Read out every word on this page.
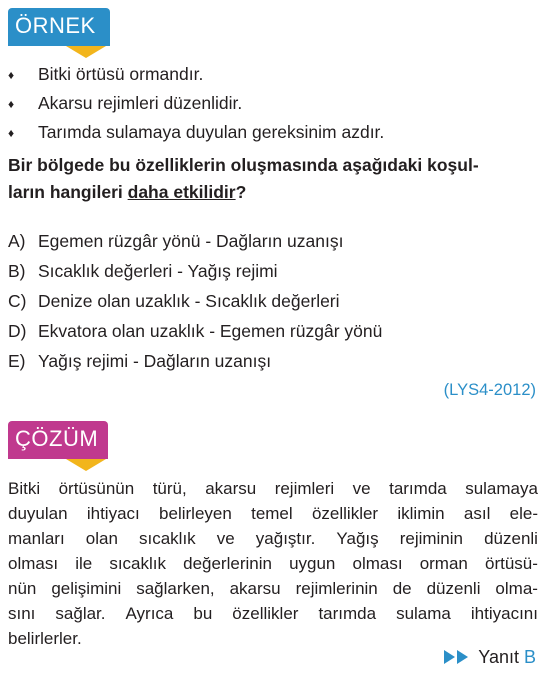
ÖRNEK
♦ Bitki örtüsü ormandır.
♦ Akarsu rejimleri düzenlidir.
♦ Tarımda sulamaya duyulan gereksinim azdır.
Bir bölgede bu özelliklerin oluşmasında aşağıdaki koşul-
ların hangileri daha etkilidir?
A) Egemen rüzgâr yönü - Dağların uzanışı
B) Sıcaklık değerleri - Yağış rejimi
C) Denize olan uzaklık - Sıcaklık değerleri
D) Ekvatora olan uzaklık - Egemen rüzgâr yönü
E) Yağış rejimi - Dağların uzanışı
(LYS4-2012)
ÇÖZÜM
Bitki örtüsünün türü, akarsu rejimleri ve tarımda sulamaya
duyulan ihtiyacı belirleyen temel özellikler iklimin asıl ele-
manları olan sıcaklık ve yağıştır. Yağış rejiminin düzenli
olması ile sıcaklık değerlerinin uygun olması orman örtüsü-
nün gelişimini sağlarken, akarsu rejimlerinin de düzenli olma-
sını sağlar. Ayrıca bu özellikler tarımda sulama ihtiyacını
belirlerler.
Yanıt B
